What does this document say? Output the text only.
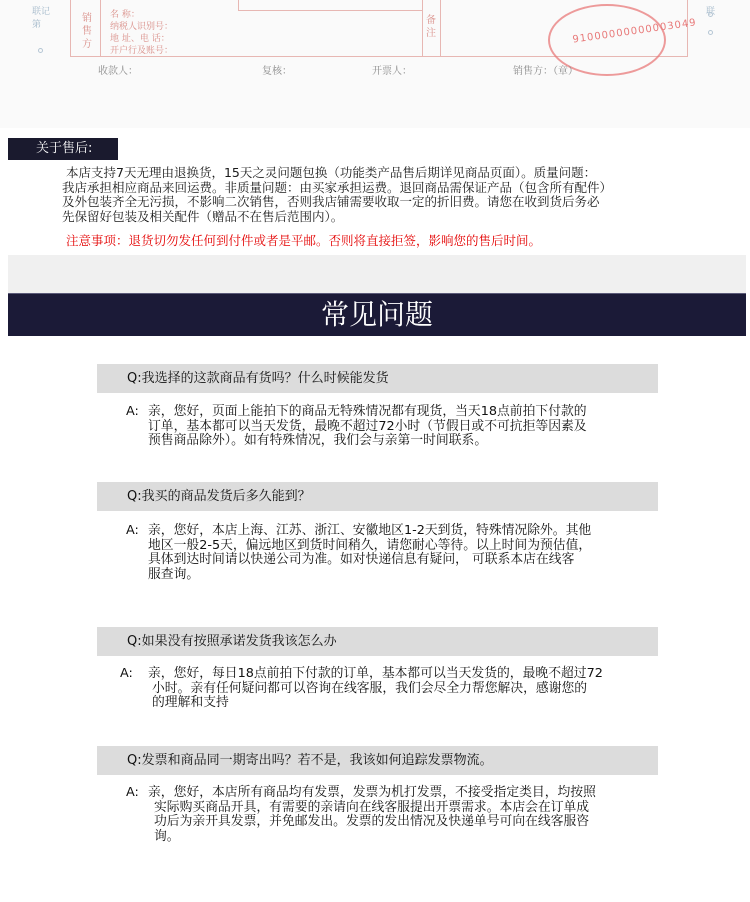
联记第
联
销售方
备注
名 称：
纳税人识别号：
地 址、电 话：
开户行及账号：
91000000000003049
收款人：	复核：	开票人：	销售方：（章）
关于售后:
本店支持7天无理由退换货，15天之灵问题包换（功能类产品售后期详见商品页面）。质量问题：
我店承担相应商品来回运费。非质量问题：由买家承担运费。退回商品需保证产品（包含所有配件）
及外包装齐全无污损，不影响二次销售，否则我店铺需要收取一定的折旧费。请您在收到货后务必
先保留好包装及相关配件（赠品不在售后范围内）。
注意事项：退货切勿发任何到付件或者是平邮。否则将直接拒签，影响您的售后时间。
常见问题
Q:我选择的这款商品有货吗？什么时候能发货
A: 亲，您好，页面上能拍下的商品无特殊情况都有现货，当天18点前拍下付款的
订单，基本都可以当天发货，最晚不超过72小时（节假日或不可抗拒等因素及
预售商品除外）。如有特殊情况，我们会与亲第一时间联系。
Q:我买的商品发货后多久能到？
A: 亲，您好，本店上海、江苏、浙江、安徽地区1-2天到货，特殊情况除外。其他
地区一般2-5天，偏远地区到货时间稍久，请您耐心等待。以上时间为预估值，
具体到达时间请以快递公司为准。如对快递信息有疑问， 可联系本店在线客
服查询。
Q:如果没有按照承诺发货我该怎么办
A:	亲，您好，每日18点前拍下付款的订单，基本都可以当天发货的，最晚不超过72
小时。亲有任何疑问都可以咨询在线客服，我们会尽全力帮您解决，感谢您的
的理解和支持
Q:发票和商品同一期寄出吗？若不是，我该如何追踪发票物流。
A: 亲，您好，本店所有商品均有发票，发票为机打发票，不接受指定类目，均按照
实际购买商品开具，有需要的亲请向在线客服提出开票需求。本店会在订单成
功后为亲开具发票，并免邮发出。发票的发出情况及快递单号可向在线客服咨
询。
